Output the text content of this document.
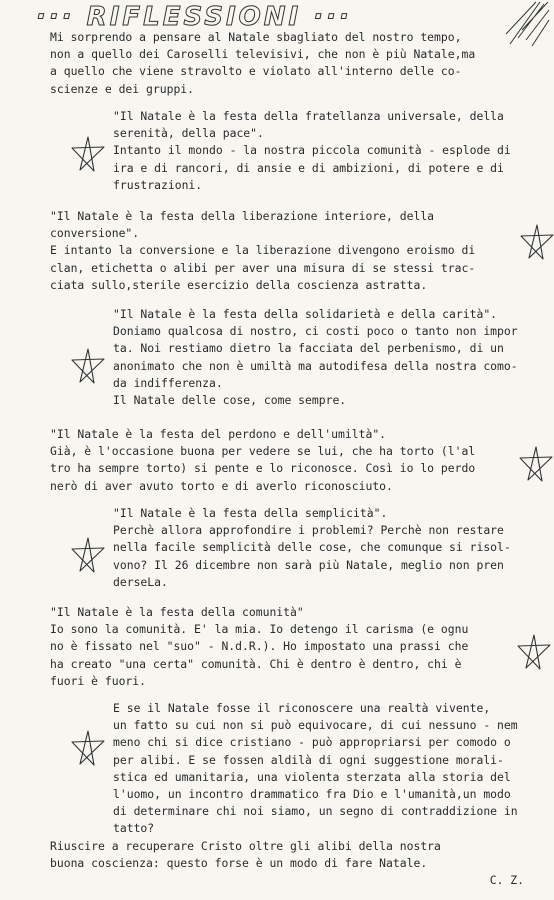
··· RIFLESSIONI ···
Mi sorprendo a pensare al Natale sbagliato del nostro tempo,
non a quello dei Caroselli televisivi, che non è più Natale,ma
a quello che viene stravolto e violato all'interno delle co-
scienze e dei gruppi.
"Il Natale è la festa della fratellanza universale, della
serenità, della pace".
Intanto il mondo - la nostra piccola comunità - esplode di
ira e di rancori, di ansie e di ambizioni, di potere e di
frustrazioni.
"Il Natale è la festa della liberazione interiore, della
conversione".
E intanto la conversione e la liberazione divengono eroismo di
clan, etichetta o alibi per aver una misura di se stessi trac-
ciata sullo,sterile esercizio della coscienza astratta.
"Il Natale è la festa della solidarietà e della carità".
Doniamo qualcosa di nostro, ci costi poco o tanto non impor
ta. Noi restiamo dietro la facciata del perbenismo, di un
anonimato che non è umiltà ma autodifesa della nostra como-
da indifferenza.
Il Natale delle cose, come sempre.
"Il Natale è la festa del perdono e dell'umiltà".
Già, è l'occasione buona per vedere se lui, che ha torto (l'al
tro ha sempre torto) si pente e lo riconosce. Così io lo perdo
nerò di aver avuto torto e di averlo riconosciuto.
"Il Natale è la festa della semplicità".
Perchè allora approfondire i problemi? Perchè non restare
nella facile semplicità delle cose, che comunque si risol-
vono? Il 26 dicembre non sarà più Natale, meglio non pren
derseLa.
"Il Natale è la festa della comunità"
Io sono la comunità. E' la mia. Io detengo il carisma (e ognu
no è fissato nel "suo" - N.d.R.). Ho impostato una prassi che
ha creato "una certa" comunità. Chi è dentro è dentro, chi è
fuori è fuori.
E se il Natale fosse il riconoscere una realtà vivente,
un fatto su cui non si può equivocare, di cui nessuno - nem
meno chi si dice cristiano - può appropriarsi per comodo o
per alibi. E se fossen aldilà di ogni suggestione morali-
stica ed umanitaria, una violenta sterzata alla storia del
l'uomo, un incontro drammatico fra Dio e l'umanità,un modo
di determinare chi noi siamo, un segno di contraddizione in
tatto?
Riuscire a recuperare Cristo oltre gli alibi della nostra
buona coscienza: questo forse è un modo di fare Natale.
C. Z.
